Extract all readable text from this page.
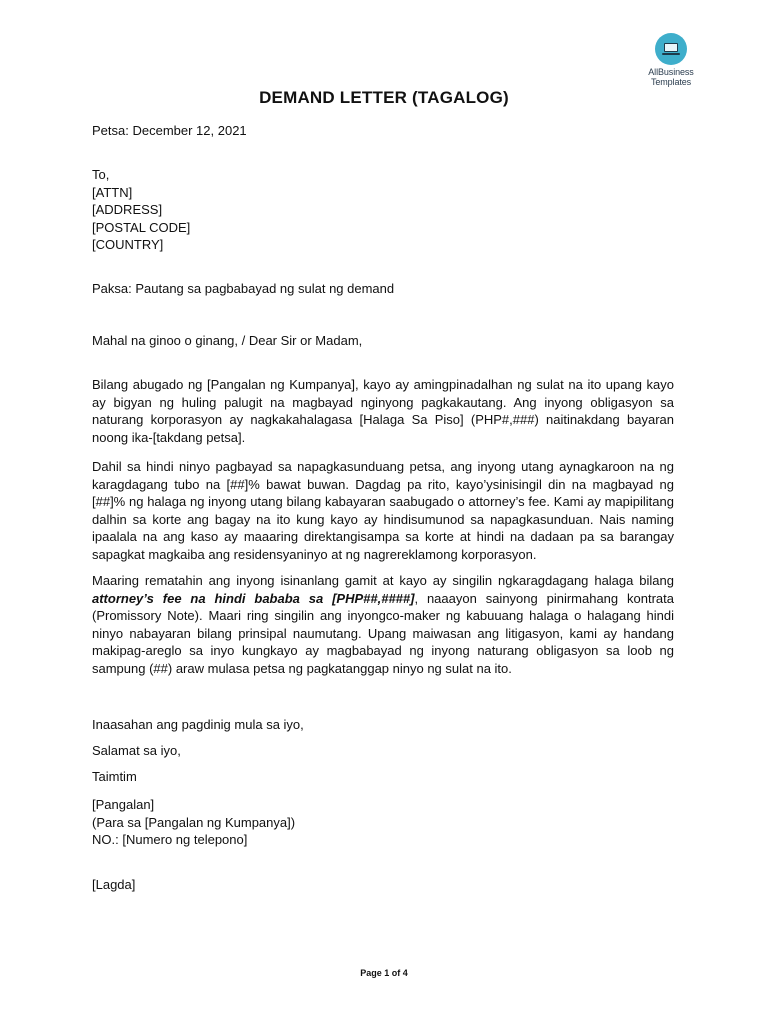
AllBusiness
Templates
DEMAND LETTER (TAGALOG)
Petsa: December 12, 2021
To,
[ATTN]
[ADDRESS]
[POSTAL CODE]
[COUNTRY]
Paksa: Pautang sa pagbabayad ng sulat ng demand
Mahal na ginoo o ginang, / Dear Sir or Madam,
Bilang abugado ng [Pangalan ng Kumpanya], kayo ay amingpinadalhan ng sulat na ito upang kayo ay bigyan ng huling palugit na magbayad nginyong pagkakautang. Ang inyong obligasyon sa naturang korporasyon ay nagkakahalagasa [Halaga Sa Piso] (PHP#,###) naitinakdang bayaran noong ika-[takdang petsa].
Dahil sa hindi ninyo pagbayad sa napagkasunduang petsa, ang inyong utang aynagkaroon na ng karagdagang tubo na [##]% bawat buwan. Dagdag pa rito, kayo’ysinisingil din na magbayad ng [##]% ng halaga ng inyong utang bilang kabayaran saabugado o attorney’s fee. Kami ay mapipilitang dalhin sa korte ang bagay na ito kung kayo ay hindisumunod sa napagkasunduan. Nais naming ipaalala na ang kaso ay maaaring direktangisampa sa korte at hindi na dadaan pa sa barangay sapagkat magkaiba ang residensyaninyo at ng nagrereklamong korporasyon.
Maaring rematahin ang inyong isinanlang gamit at kayo ay singilin ngkaragdagang halaga bilang attorney’s fee na hindi bababa sa [PHP##,####], naaayon sainyong pinirmahang kontrata (Promissory Note). Maari ring singilin ang inyongco-maker ng kabuuang halaga o halagang hindi ninyo nabayaran bilang prinsipal naumutang. Upang maiwasan ang litigasyon, kami ay handang makipag-areglo sa inyo kungkayo ay magbabayad ng inyong naturang obligasyon sa loob ng sampung (##) araw mulasa petsa ng pagkatanggap ninyo ng sulat na ito.
Inaasahan ang pagdinig mula sa iyo,
Salamat sa iyo,
Taimtim
[Pangalan]
(Para sa [Pangalan ng Kumpanya])
NO.: [Numero ng telepono]
[Lagda]
Page 1 of 4
